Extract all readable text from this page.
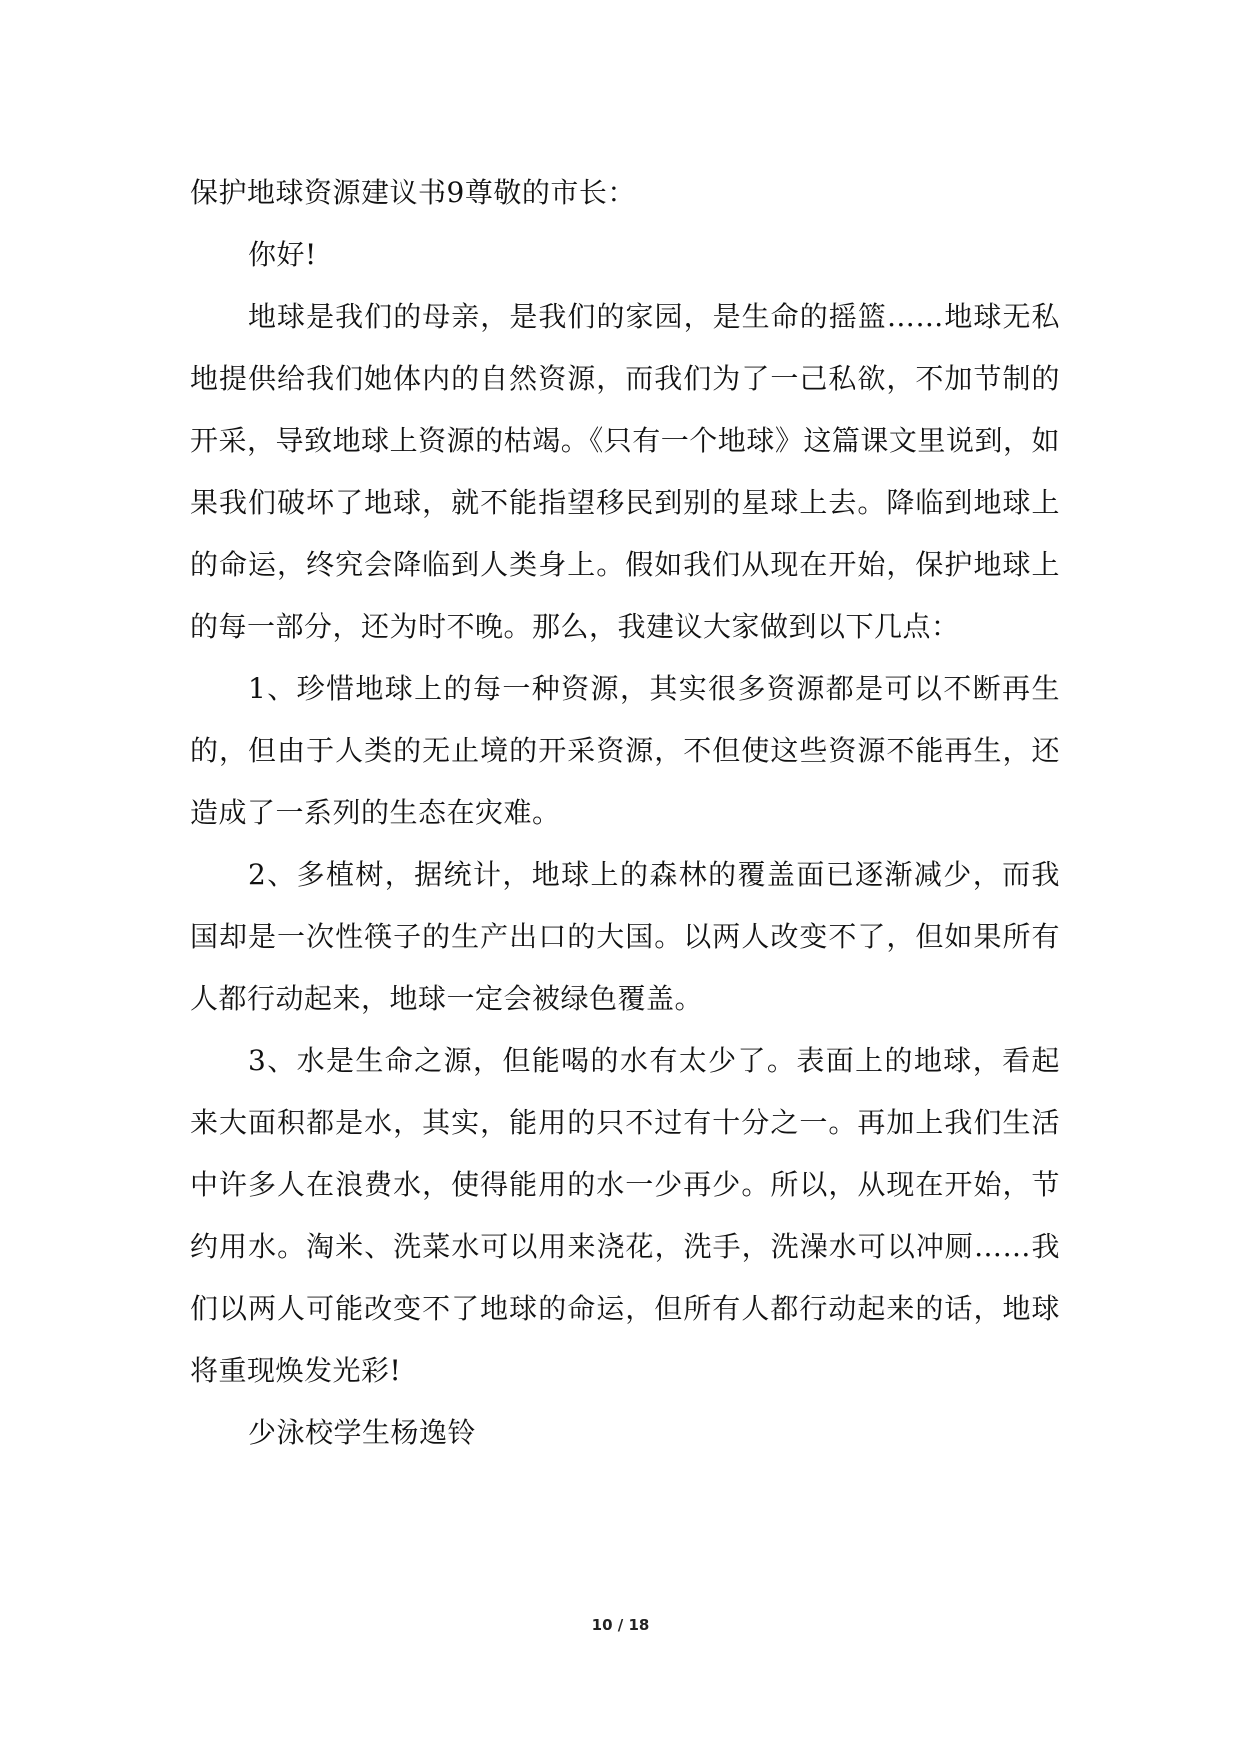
保护地球资源建议书9尊敬的市长：

你好!

地球是我们的母亲，是我们的家园，是生命的摇篮……地球无私地提供给我们她体内的自然资源，而我们为了一己私欲，不加节制的开采，导致地球上资源的枯竭。《只有一个地球》这篇课文里说到，如果我们破坏了地球，就不能指望移民到别的星球上去。降临到地球上的命运，终究会降临到人类身上。假如我们从现在开始，保护地球上的每一部分，还为时不晚。那么，我建议大家做到以下几点：

1、珍惜地球上的每一种资源，其实很多资源都是可以不断再生的，但由于人类的无止境的开采资源，不但使这些资源不能再生，还造成了一系列的生态在灾难。

2、多植树，据统计，地球上的森林的覆盖面已逐渐减少，而我国却是一次性筷子的生产出口的大国。以两人改变不了，但如果所有人都行动起来，地球一定会被绿色覆盖。

3、水是生命之源，但能喝的水有太少了。表面上的地球，看起来大面积都是水，其实，能用的只不过有十分之一。再加上我们生活中许多人在浪费水，使得能用的水一少再少。所以，从现在开始，节约用水。淘米、洗菜水可以用来浇花，洗手，洗澡水可以冲厕……我们以两人可能改变不了地球的命运，但所有人都行动起来的话，地球将重现焕发光彩!

少泳校学生杨逸铃

10 / 18
